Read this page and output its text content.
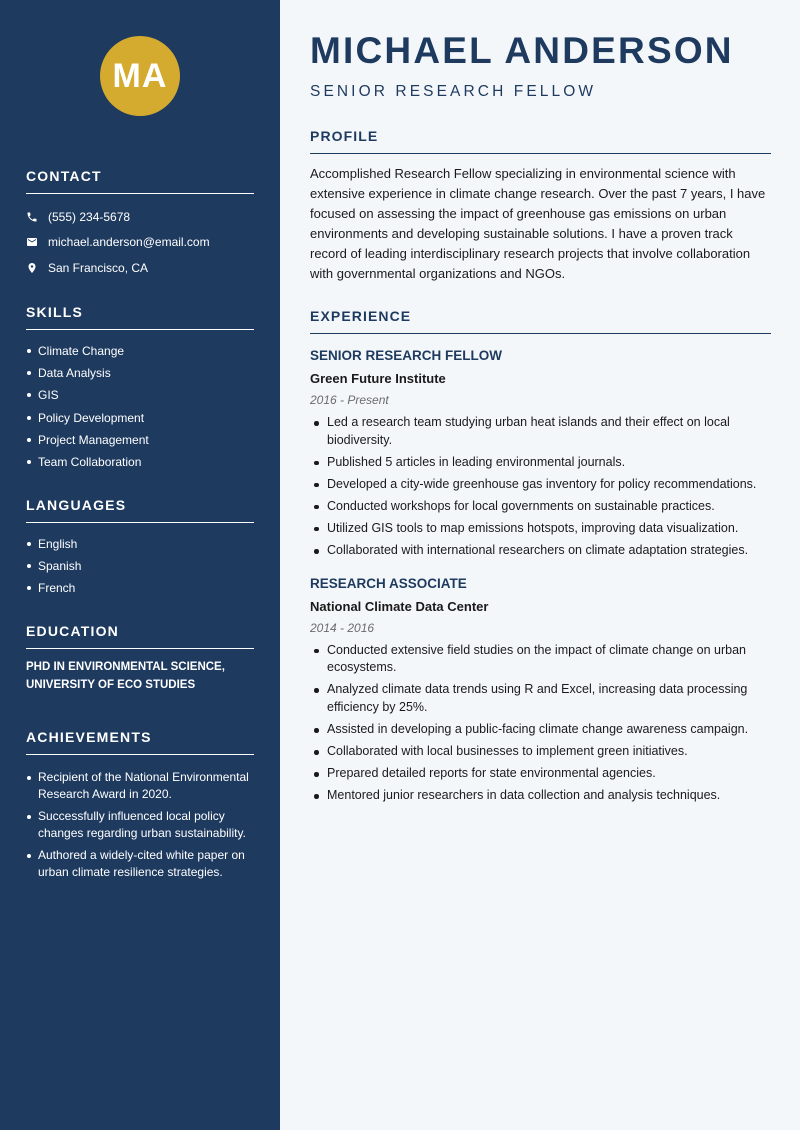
MA
CONTACT
(555) 234-5678
michael.anderson@email.com
San Francisco, CA
SKILLS
Climate Change
Data Analysis
GIS
Policy Development
Project Management
Team Collaboration
LANGUAGES
English
Spanish
French
EDUCATION
PHD IN ENVIRONMENTAL SCIENCE, UNIVERSITY OF ECO STUDIES
ACHIEVEMENTS
Recipient of the National Environmental Research Award in 2020.
Successfully influenced local policy changes regarding urban sustainability.
Authored a widely-cited white paper on urban climate resilience strategies.
MICHAEL ANDERSON
SENIOR RESEARCH FELLOW
PROFILE
Accomplished Research Fellow specializing in environmental science with extensive experience in climate change research. Over the past 7 years, I have focused on assessing the impact of greenhouse gas emissions on urban environments and developing sustainable solutions. I have a proven track record of leading interdisciplinary research projects that involve collaboration with governmental organizations and NGOs.
EXPERIENCE
SENIOR RESEARCH FELLOW
Green Future Institute
2016 - Present
Led a research team studying urban heat islands and their effect on local biodiversity.
Published 5 articles in leading environmental journals.
Developed a city-wide greenhouse gas inventory for policy recommendations.
Conducted workshops for local governments on sustainable practices.
Utilized GIS tools to map emissions hotspots, improving data visualization.
Collaborated with international researchers on climate adaptation strategies.
RESEARCH ASSOCIATE
National Climate Data Center
2014 - 2016
Conducted extensive field studies on the impact of climate change on urban ecosystems.
Analyzed climate data trends using R and Excel, increasing data processing efficiency by 25%.
Assisted in developing a public-facing climate change awareness campaign.
Collaborated with local businesses to implement green initiatives.
Prepared detailed reports for state environmental agencies.
Mentored junior researchers in data collection and analysis techniques.
